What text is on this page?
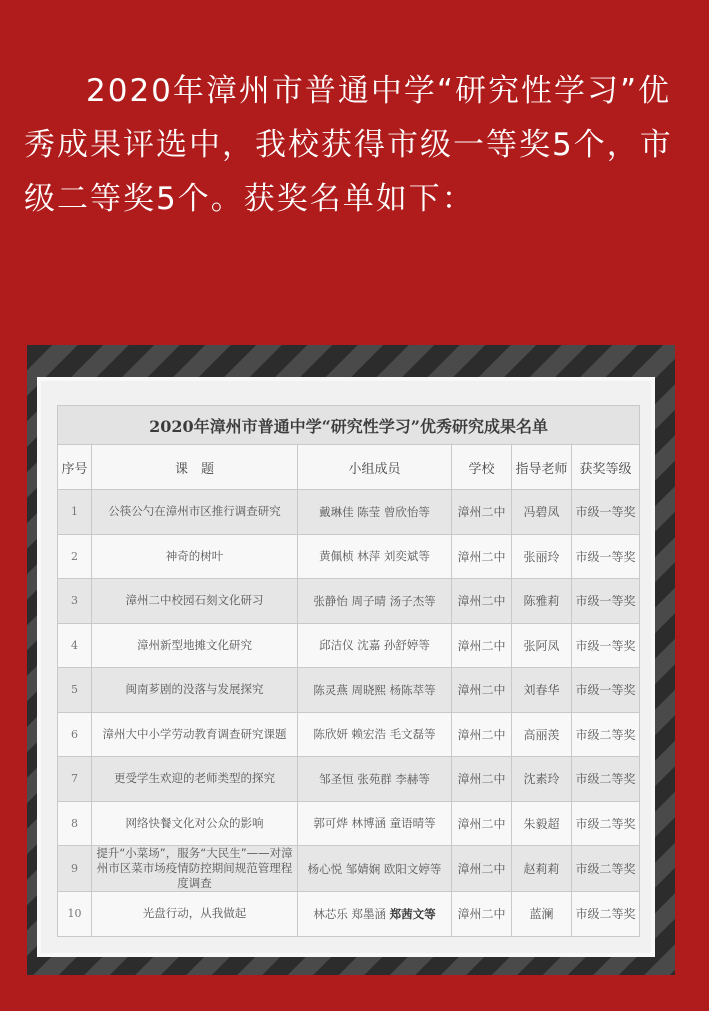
2020年漳州市普通中学“研究性学习”优秀成果评选中，我校获得市级一等奖5个，市级二等奖5个。获奖名单如下：

2020年漳州市普通中学“研究性学习”优秀研究成果名单					
序号	课　题	小组成员	学校	指导老师	获奖等级
1	公筷公勺在漳州市区推行调查研究	戴琳佳 陈莹 曾欣怡等	漳州二中	冯碧凤	市级一等奖
2	神奇的树叶	黄佩桢 林萍 刘奕斌等	漳州二中	张丽玲	市级一等奖
3	漳州二中校园石刻文化研习	张静怡 周子晴 汤子杰等	漳州二中	陈雅莉	市级一等奖
4	漳州新型地摊文化研究	邱洁仪 沈嘉 孙舒婷等	漳州二中	张阿凤	市级一等奖
5	闽南芗剧的没落与发展探究	陈灵燕 周晓熙 杨陈萃等	漳州二中	刘春华	市级一等奖
6	漳州大中小学劳动教育调查研究课题	陈欣妍 赖宏浩 毛文磊等	漳州二中	高丽羡	市级二等奖
7	更受学生欢迎的老师类型的探究	邹圣恒 张苑群 李赫等	漳州二中	沈素玲	市级二等奖
8	网络快餐文化对公众的影响	郭可烨 林博涵 童语晴等	漳州二中	朱毅超	市级二等奖
9	提升“小菜场”，服务“大民生”——对漳州市区菜市场疫情防控期间规范管理程度调查	杨心悦 邹婧娴 欧阳文婷等	漳州二中	赵莉莉	市级二等奖
10	光盘行动，从我做起	林芯乐 郑墨涵 郑茜文等	漳州二中	蓝澜	市级二等奖
